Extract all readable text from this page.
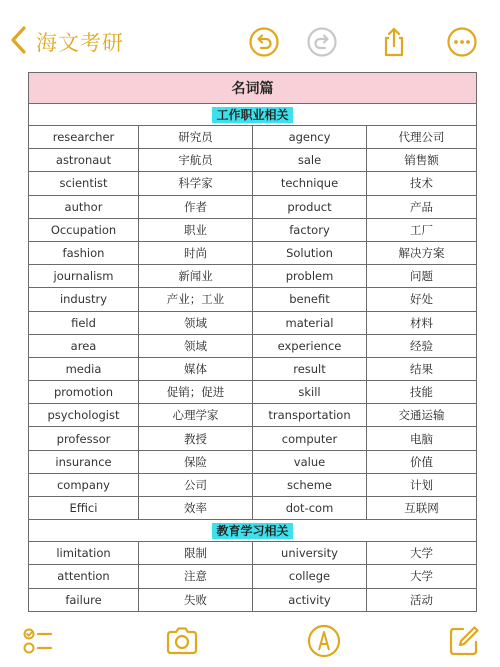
海文考研
名词篇			
工作职业相关			
researcher	研究员	agency	代理公司
astronaut	宇航员	sale	销售额
scientist	科学家	technique	技术
author	作者	product	产品
Occupation	职业	factory	工厂
fashion	时尚	Solution	解决方案
journalism	新闻业	problem	问题
industry	产业；工业	benefit	好处
field	领域	material	材料
area	领域	experience	经验
media	媒体	result	结果
promotion	促销；促进	skill	技能
psychologist	心理学家	transportation	交通运输
professor	教授	computer	电脑
insurance	保险	value	价值
company	公司	scheme	计划
Effici	效率	dot-com	互联网
教育学习相关			
limitation	限制	university	大学
attention	注意	college	大学
failure	失败	activity	活动
